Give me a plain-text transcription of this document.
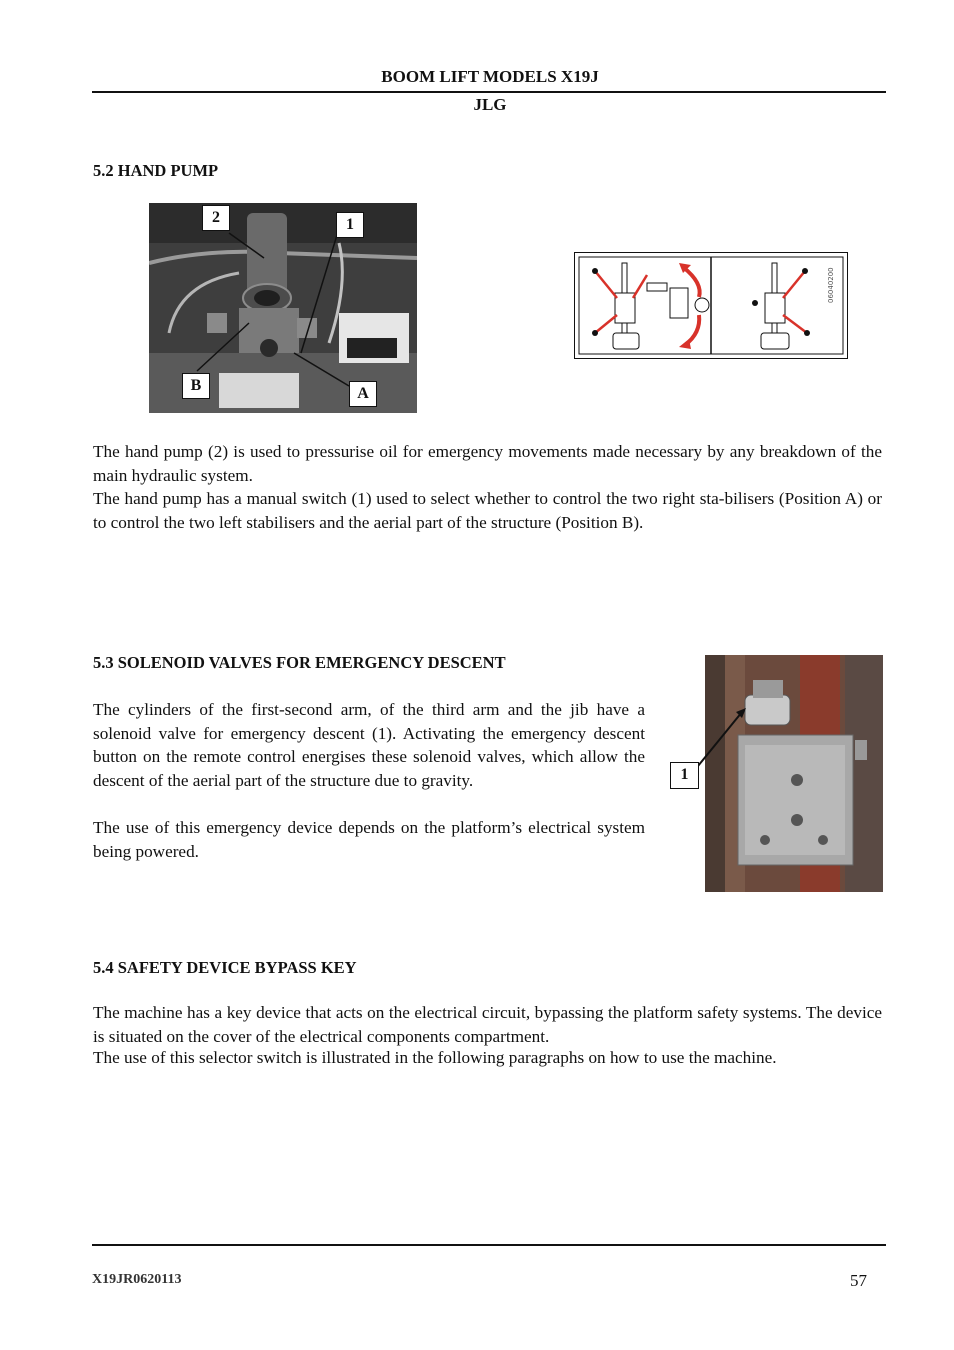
BOOM LIFT MODELS X19J
JLG
5.2 HAND PUMP
2	1
B	A
06040200
The hand pump (2) is used to pressurise oil for emergency movements made necessary by any breakdown of the main hydraulic system.
The hand pump has a manual switch (1) used to select whether to control the two right sta-bilisers (Position A) or to control the two left stabilisers and the aerial part of the structure (Position B).
5.3 SOLENOID VALVES FOR EMERGENCY DESCENT
The cylinders of the first-second arm, of the third arm and the jib have a solenoid valve for emergency descent (1). Activating the emergency descent button on the remote control energises these solenoid valves, which allow the descent of the aerial part of the structure due to gravity.
The use of this emergency device depends on the platform’s electrical system being powered.
1
5.4 SAFETY DEVICE BYPASS KEY
The machine has a key device that acts on the electrical circuit, bypassing the platform safety systems. The device is situated on the cover of the electrical components compartment.
The use of this selector switch is illustrated in the following paragraphs on how to use the machine.
X19JR0620113	57
